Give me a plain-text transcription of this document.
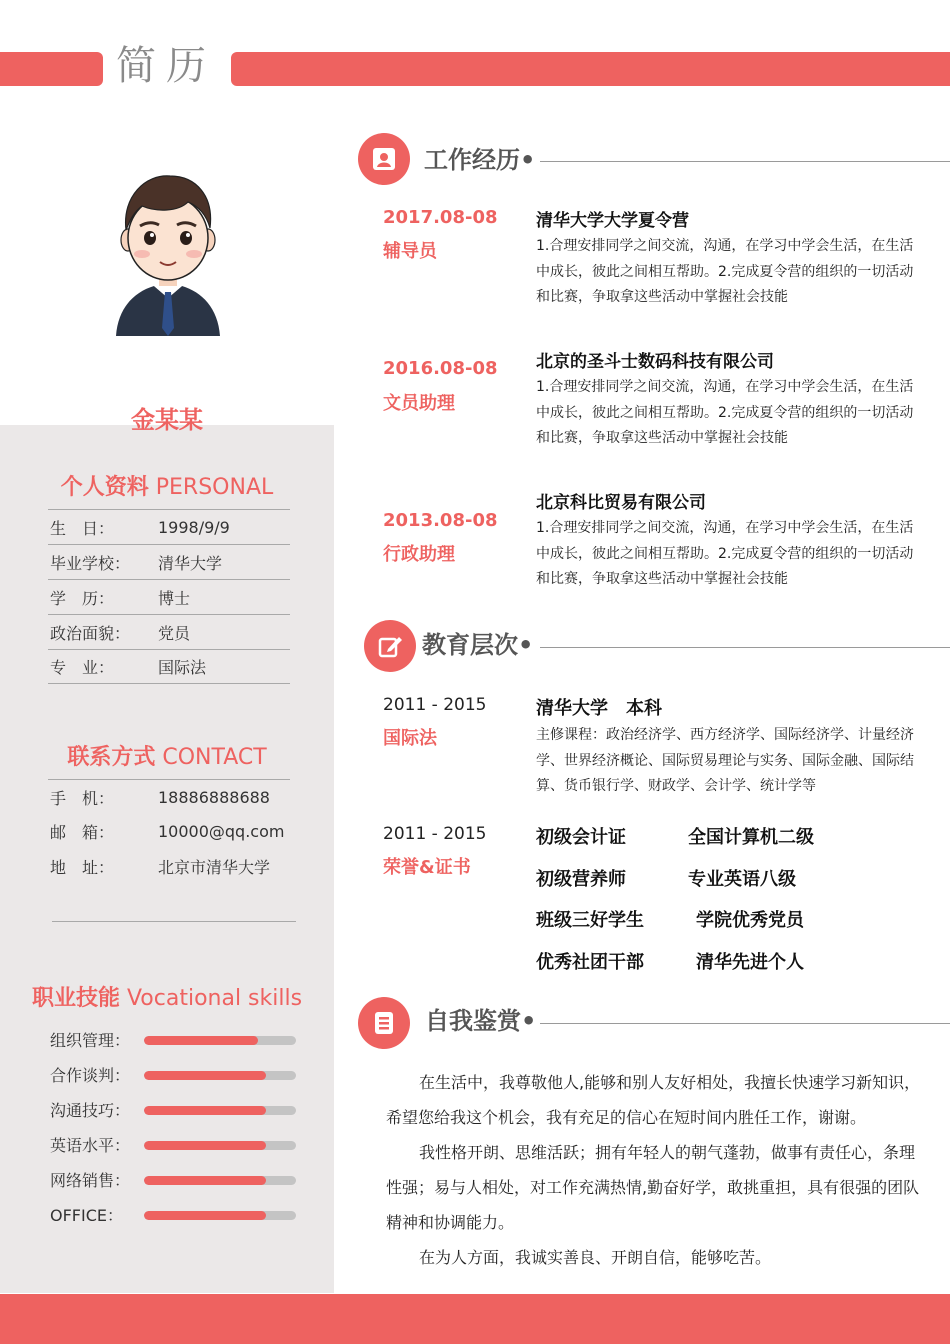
简历
金某某
个人资料 PERSONAL
生　日：	1998/9/9
毕业学校：	清华大学
学　历：	博士
政治面貌：	党员
专　业：	国际法
联系方式 CONTACT
手　机：	18886888688
邮　箱：	10000@qq.com
地　址：	北京市清华大学
职业技能 Vocational skills
组织管理：
合作谈判：
沟通技巧：
英语水平：
网络销售：
OFFICE：
工作经历•
2017.08-08
辅导员
清华大学大学夏令营
1.合理安排同学之间交流，沟通，在学习中学会生活，在生活中成长，彼此之间相互帮助。2.完成夏令营的组织的一切活动和比赛，争取拿这些活动中掌握社会技能
2016.08-08
文员助理
北京的圣斗士数码科技有限公司
1.合理安排同学之间交流，沟通，在学习中学会生活，在生活中成长，彼此之间相互帮助。2.完成夏令营的组织的一切活动和比赛，争取拿这些活动中掌握社会技能
2013.08-08
行政助理
北京科比贸易有限公司
1.合理安排同学之间交流，沟通，在学习中学会生活，在生活中成长，彼此之间相互帮助。2.完成夏令营的组织的一切活动和比赛，争取拿这些活动中掌握社会技能
教育层次•
2011 - 2015
国际法
清华大学　本科
主修课程：政治经济学、西方经济学、国际经济学、计量经济学、世界经济概论、国际贸易理论与实务、国际金融、国际结算、货币银行学、财政学、会计学、统计学等
2011 - 2015
荣誉&证书
初级会计证	全国计算机二级
初级营养师	专业英语八级
班级三好学生	学院优秀党员
优秀社团干部	清华先进个人
自我鉴赏•
在生活中，我尊敬他人,能够和别人友好相处，我擅长快速学习新知识，希望您给我这个机会，我有充足的信心在短时间内胜任工作，谢谢。
我性格开朗、思维活跃；拥有年轻人的朝气蓬勃，做事有责任心，条理性强；易与人相处，对工作充满热情,勤奋好学，敢挑重担，具有很强的团队精神和协调能力。
在为人方面，我诚实善良、开朗自信，能够吃苦。
